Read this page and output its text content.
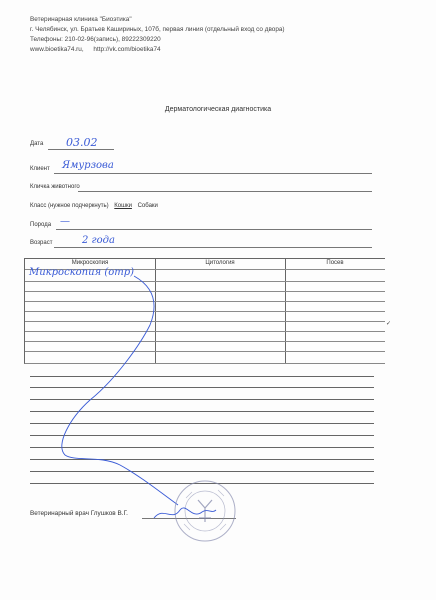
Ветеринарная клиника "Биоэтика"
г. Челябинск, ул. Братьев Кашириных, 107б, первая линия (отдельный вход со двора)
Телефоны: 210-02-96(запись), 89222309220
www.bioetika74.ru, http://vk.com/bioetika74
Дерматологическая диагностика
Дата 03.02
Клиент Ямурзова
Кличка животного
Класс (нужное подчеркнуть) Кошки Собаки
Порода —
Возраст	2 года
Микроскопия	Цитология	Посев
Микроскопия (отр)
✓
Ветеринарный врач Глушков В.Г.
